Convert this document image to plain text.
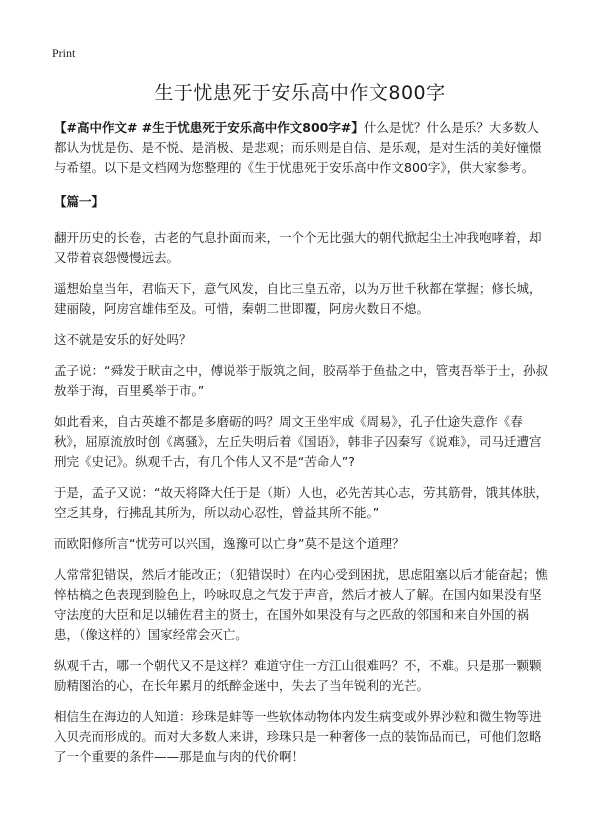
Print
生于忧患死于安乐高中作文800字

【#高中作文# #生于忧患死于安乐高中作文800字#】什么是忧？什么是乐？大多数人都认为忧是伤、是不悦、是消极、是悲观；而乐则是自信、是乐观，是对生活的美好憧憬与希望。以下是文档网为您整理的《生于忧患死于安乐高中作文800字》，供大家参考。

【篇一】

翻开历史的长卷，古老的气息扑面而来，一个个无比强大的朝代掀起尘土冲我咆哮着，却又带着哀怨慢慢远去。

遥想始皇当年，君临天下，意气风发，自比三皇五帝，以为万世千秋都在掌握；修长城，建丽陵，阿房宫雄伟至及。可惜，秦朝二世即覆，阿房火数日不熄。

这不就是安乐的好处吗？

孟子说：“舜发于畎亩之中，傅说举于版筑之间，胶鬲举于鱼盐之中，管夷吾举于士，孙叔敖举于海，百里奚举于市。”

如此看来，自古英雄不都是多磨砺的吗？周文王坐牢成《周易》，孔子仕途失意作《春秋》，屈原流放时创《离骚》，左丘失明后着《国语》，韩非子囚秦写《说难》，司马迁遭宫刑完《史记》。纵观千古，有几个伟人又不是“苦命人”?

于是，孟子又说：“故天将降大任于是（斯）人也，必先苦其心志，劳其筋骨，饿其体肤，空乏其身，行拂乱其所为，所以动心忍性，曾益其所不能。”

而欧阳修所言“忧劳可以兴国，逸豫可以亡身”莫不是这个道理？

人常常犯错误，然后才能改正；（犯错误时）在内心受到困扰，思虑阻塞以后才能奋起；憔悴枯槁之色表现到脸色上，吟咏叹息之气发于声音，然后才被人了解。在国内如果没有坚守法度的大臣和足以辅佐君主的贤士，在国外如果没有与之匹敌的邻国和来自外国的祸患，（像这样的）国家经常会灭亡。

纵观千古，哪一个朝代又不是这样？难道守住一方江山很难吗？不，不难。只是那一颗颗励精图治的心，在长年累月的纸醉金迷中，失去了当年锐利的光芒。

相信生在海边的人知道：珍珠是蚌等一些软体动物体内发生病变或外界沙粒和微生物等进入贝壳而形成的。而对大多数人来讲，珍珠只是一种奢侈一点的装饰品而已，可他们忽略了一个重要的条件——那是血与肉的代价啊！
